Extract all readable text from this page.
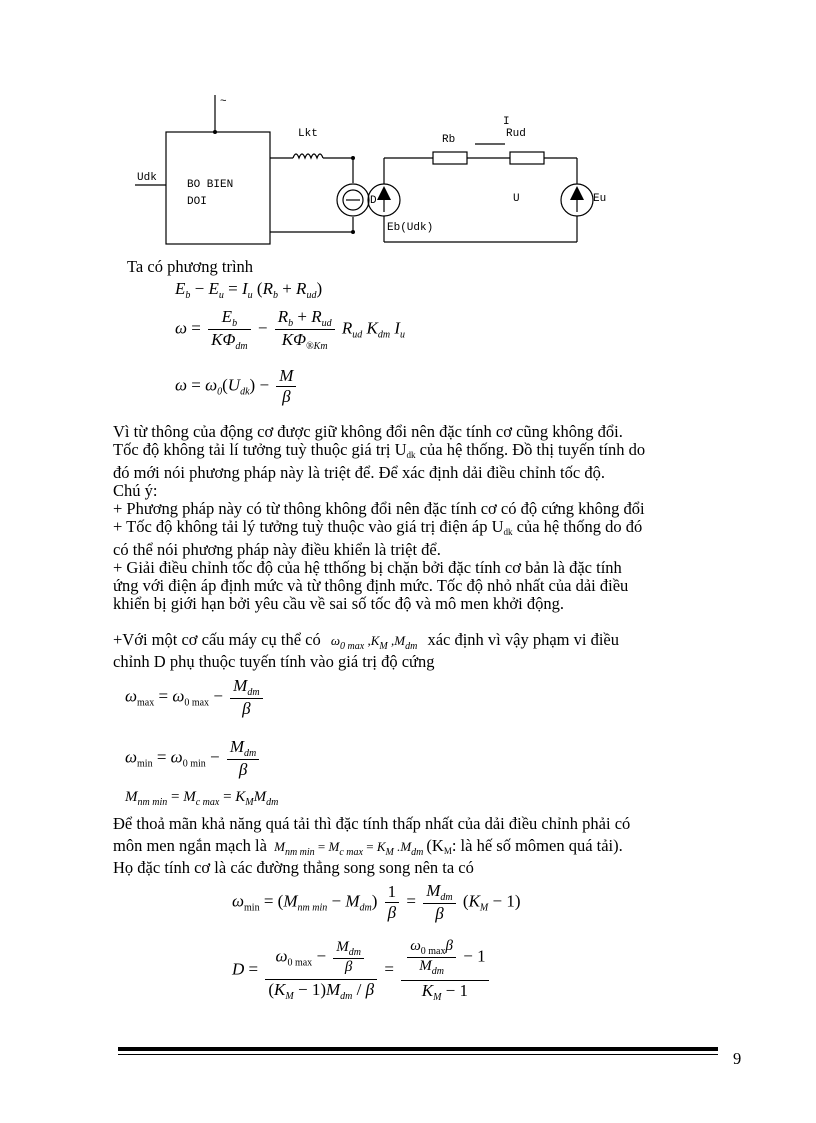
~
Udk
BO BIEN
DOI
Lkt
D
Rb	Rud
I
U
Eb(Udk)
Eu
Ta có phương trình
$E_b - E_u = I_u$ $(R_b + R_{ud})$
$\omega = \frac{E_b}{K\Phi_{dm}} - \frac{R_b + R_{ud}}{K\Phi_{®Km}} R_{ud}$ $K_{dm}$ $I_u$
$\omega = \omega_0(U_{dk}) - \frac{M}{\beta}$
Vì từ thông của động cơ được giữ không đổi nên đặc tính cơ cũng không đổi.
Tốc độ không tải lí tưởng tuỳ thuộc giá trị Udk của hệ thống. Đồ thị tuyến tính do
đó mới nói phương pháp này là triệt để. Để xác định dải điều chỉnh tốc độ.
Chú ý:
+ Phương pháp này có từ thông không đổi nên đặc tính cơ có độ cứng không đổi
+ Tốc độ không tải lý tưởng tuỳ thuộc vào giá trị điện áp Udk của hệ thống do đó
có thể nói phương pháp này điều khiển là triệt để.
+ Giải điều chỉnh tốc độ của hệ tthống bị chặn bởi đặc tính cơ bản là đặc tính
ứng với điện áp định mức và từ thông định mức. Tốc độ nhỏ nhất của dải điều
khiển bị giới hạn bởi yêu cầu về sai số tốc độ và mô men khởi động.
+Với một cơ cấu máy cụ thể có $\omega_{0 max}$ $,K_M$ $,M_{dm}$ xác định vì vậy phạm vi điều
chỉnh D phụ thuộc tuyến tính vào giá trị độ cứng
$\omega_{max} = \omega_{0 max} - \frac{M_{dm}}{\beta}$
$\omega_{min} = \omega_{0 min} - \frac{M_{dm}}{\beta}$
$M_{nm min} = M_{c max} = K_MM_{dm}$
Để thoả mãn khả năng quá tải thì đặc tính thấp nhất của dải điều chỉnh phải có
môn men ngắn mạch là $M_{nm min} = M_{c max} = K_M$ $.M_{dm}$ (KM: là hế số mômen quá tải).
Họ đặc tính cơ là các đường thẳng song song nên ta có
$\omega_{min} = (M_{nm min} - M_{dm}) \frac{1}{\beta} = \frac{M_{dm}}{\beta} (K_M - 1)$
$D = \frac{\omega_{0 max} - \frac{M_{dm}}{\beta}}{(K_M - 1)M_{dm} / \beta} = \frac{\frac{\omega_{0 max}\beta}{M_{dm}} - 1}{K_M - 1}$
9
